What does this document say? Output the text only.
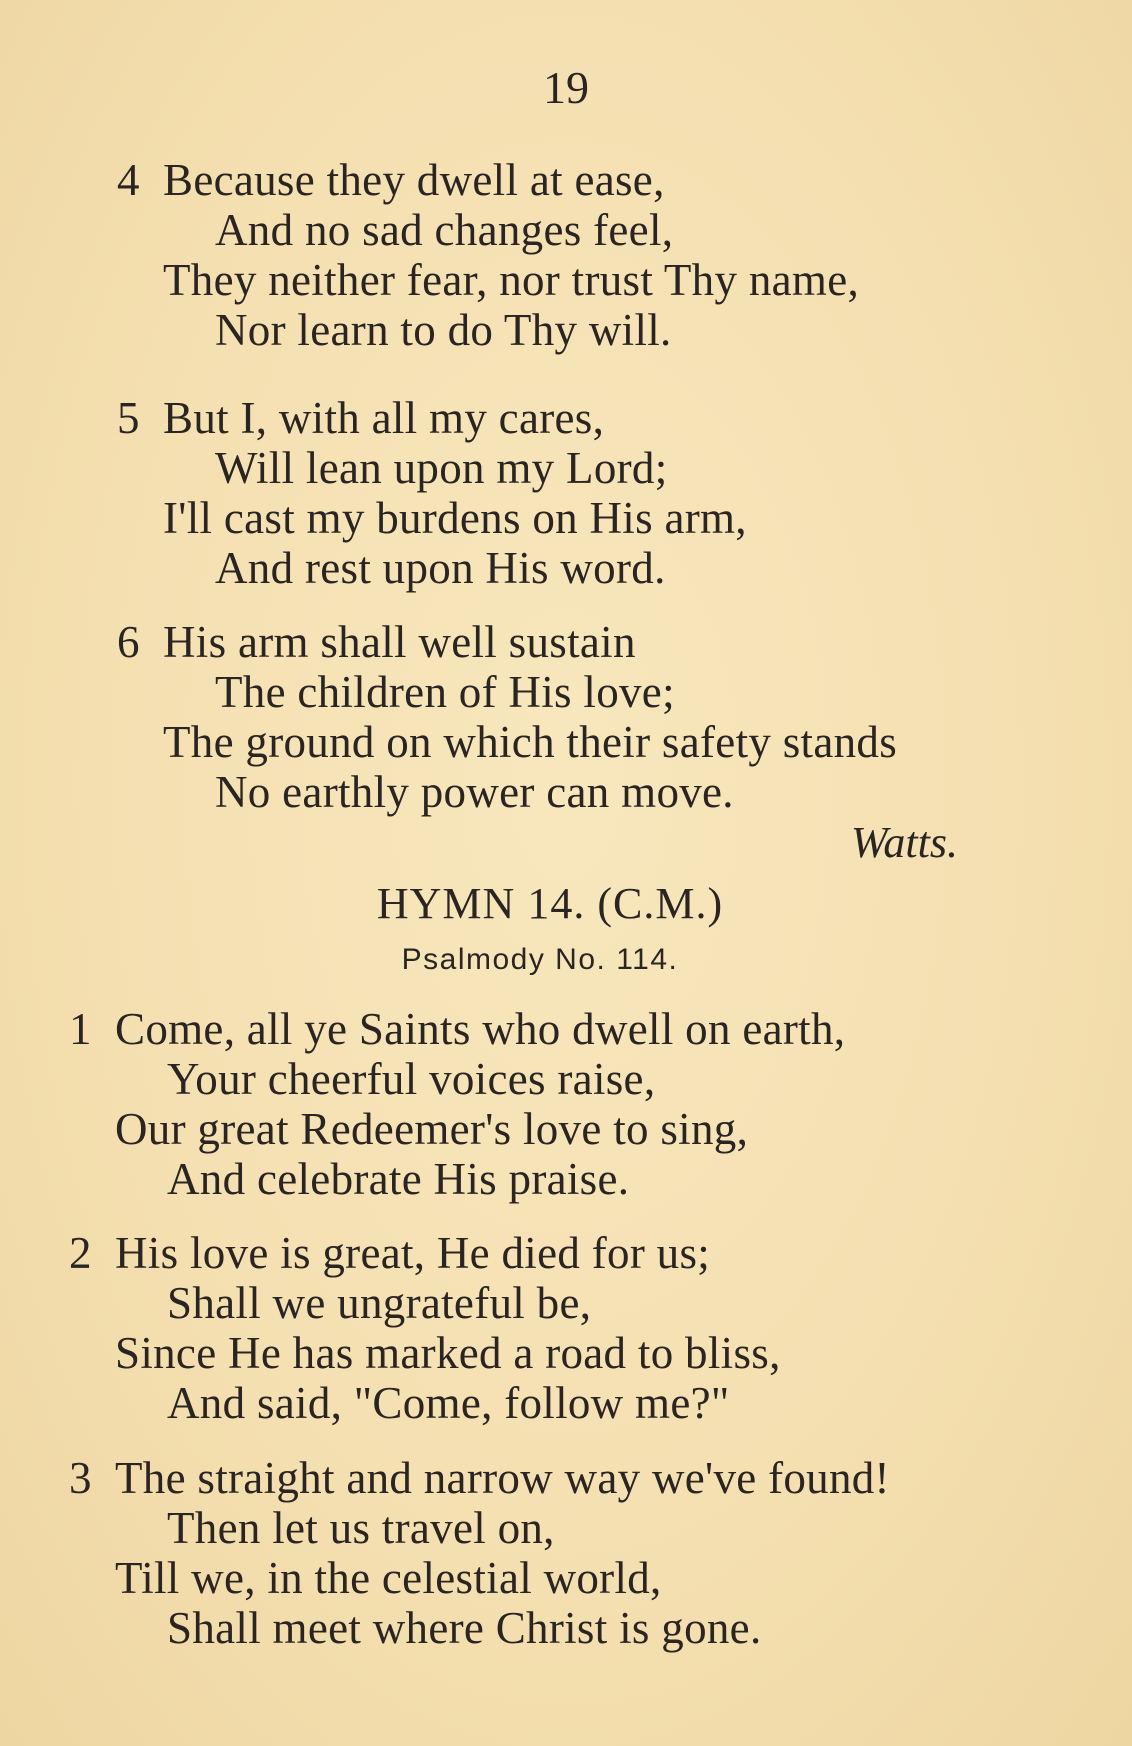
19
4 Because they dwell at ease,
And no sad changes feel,
They neither fear, nor trust Thy name,
Nor learn to do Thy will.
5 But I, with all my cares,
Will lean upon my Lord;
I'll cast my burdens on His arm,
And rest upon His word.
6 His arm shall well sustain
The children of His love;
The ground on which their safety stands
No earthly power can move.
Watts.
HYMN 14. (C.M.)
Psalmody No. 114.
1 Come, all ye Saints who dwell on earth,
Your cheerful voices raise,
Our great Redeemer's love to sing,
And celebrate His praise.
2 His love is great, He died for us;
Shall we ungrateful be,
Since He has marked a road to bliss,
And said, "Come, follow me?"
3 The straight and narrow way we've found!
Then let us travel on,
Till we, in the celestial world,
Shall meet where Christ is gone.
